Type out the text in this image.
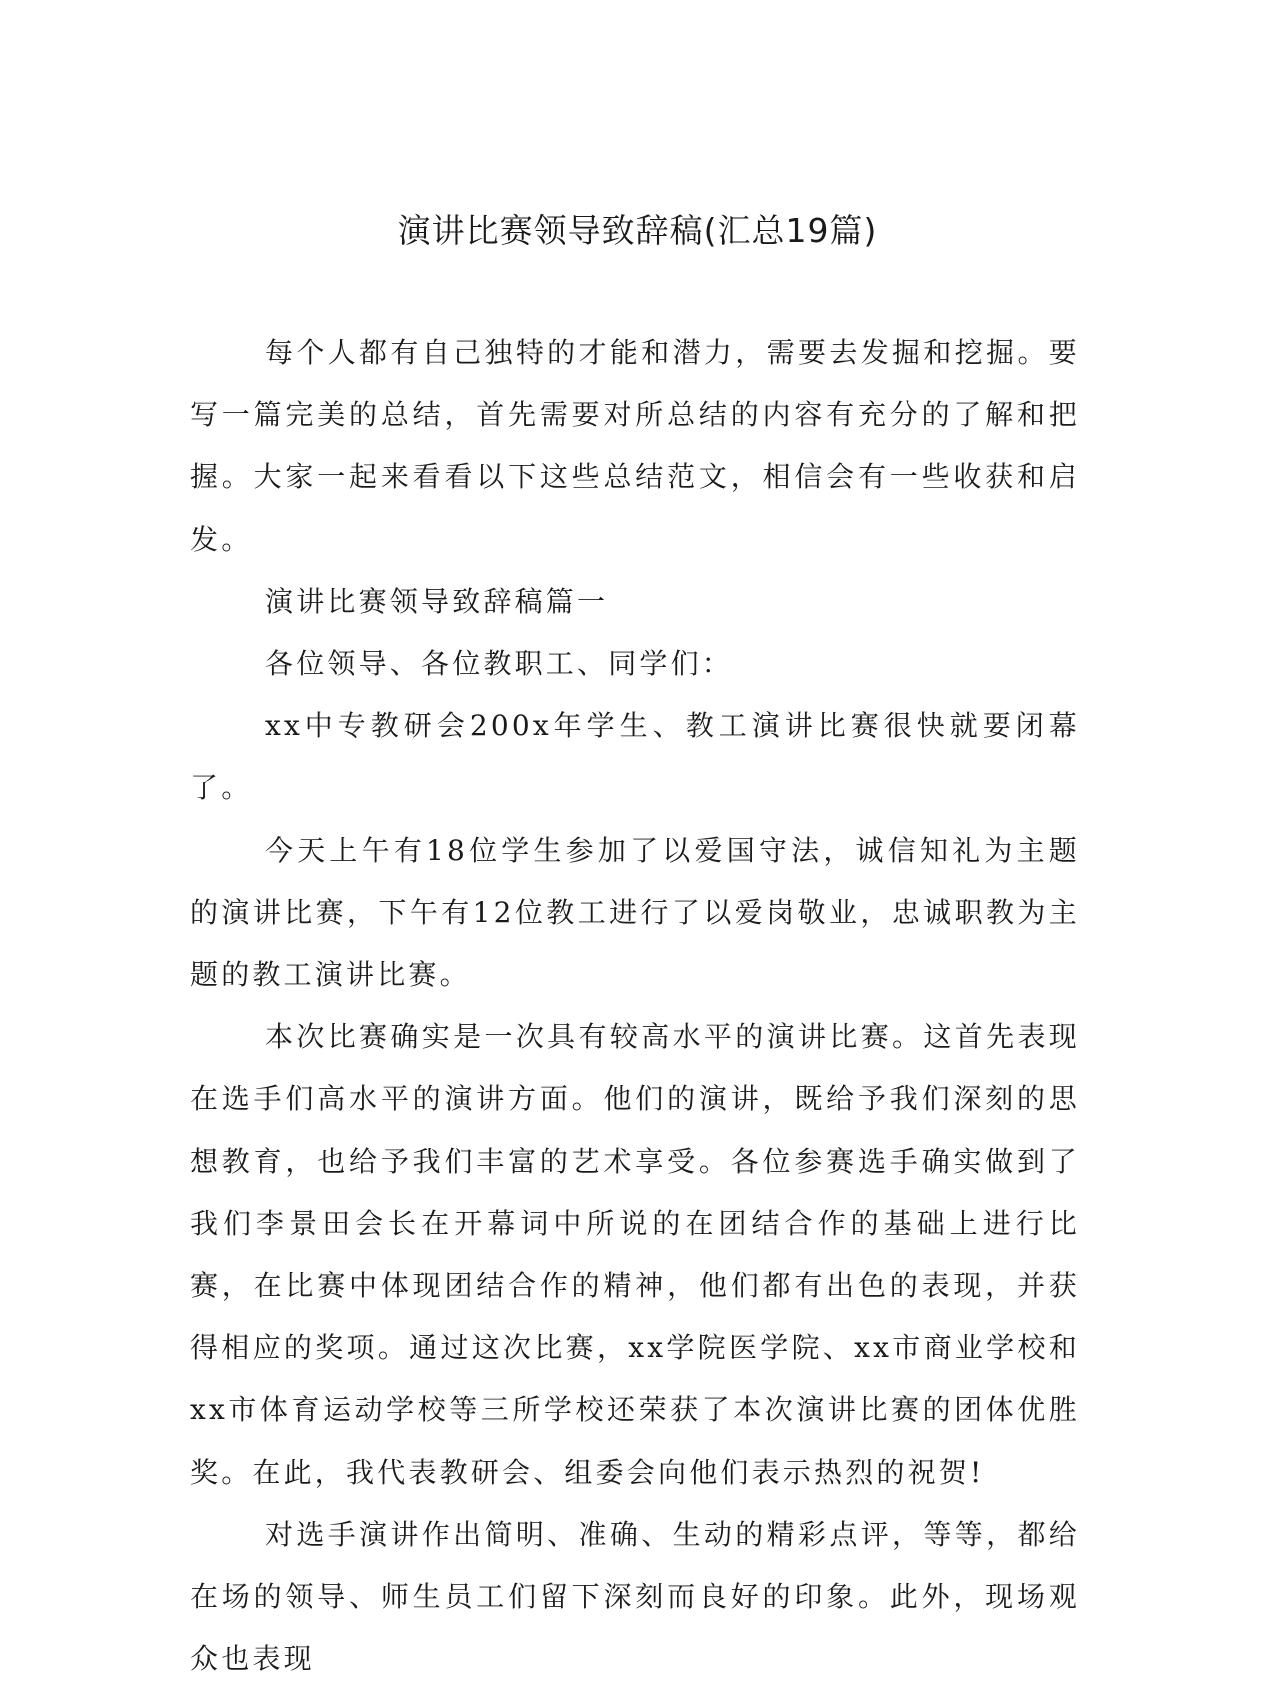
演讲比赛领导致辞稿(汇总19篇)

每个人都有自己独特的才能和潜力，需要去发掘和挖掘。要写一篇完美的总结，首先需要对所总结的内容有充分的了解和把握。大家一起来看看以下这些总结范文，相信会有一些收获和启发。

演讲比赛领导致辞稿篇一

各位领导、各位教职工、同学们：

xx中专教研会200x年学生、教工演讲比赛很快就要闭幕了。

今天上午有18位学生参加了以爱国守法，诚信知礼为主题的演讲比赛，下午有12位教工进行了以爱岗敬业，忠诚职教为主题的教工演讲比赛。

本次比赛确实是一次具有较高水平的演讲比赛。这首先表现在选手们高水平的演讲方面。他们的演讲，既给予我们深刻的思想教育，也给予我们丰富的艺术享受。各位参赛选手确实做到了我们李景田会长在开幕词中所说的在团结合作的基础上进行比赛，在比赛中体现团结合作的精神，他们都有出色的表现，并获得相应的奖项。通过这次比赛，xx学院医学院、xx市商业学校和xx市体育运动学校等三所学校还荣获了本次演讲比赛的团体优胜奖。在此，我代表教研会、组委会向他们表示热烈的祝贺!

对选手演讲作出简明、准确、生动的精彩点评，等等，都给在场的领导、师生员工们留下深刻而良好的印象。此外，现场观众也表现
